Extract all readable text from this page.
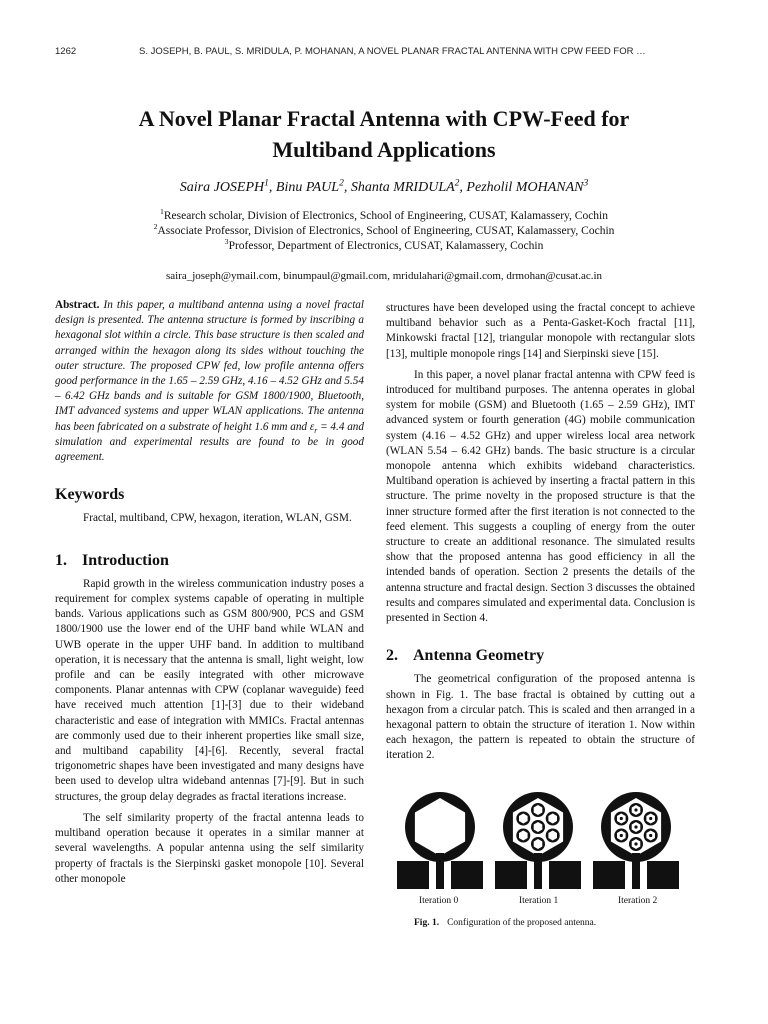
1262	S. JOSEPH, B. PAUL, S. MRIDULA, P. MOHANAN, A NOVEL PLANAR FRACTAL ANTENNA WITH CPW FEED FOR …
A Novel Planar Fractal Antenna with CPW-Feed for
Multiband Applications
Saira JOSEPH$^1$, Binu PAUL$^2$, Shanta MRIDULA$^2$, Pezholil MOHANAN$^3$
$^1$Research scholar, Division of Electronics, School of Engineering, CUSAT, Kalamassery, Cochin
$^2$Associate Professor, Division of Electronics, School of Engineering, CUSAT, Kalamassery, Cochin
$^3$Professor, Department of Electronics, CUSAT, Kalamassery, Cochin
saira_joseph@ymail.com, binumpaul@gmail.com, mridulahari@gmail.com, drmohan@cusat.ac.in

Abstract. In this paper, a multiband antenna using a novel fractal design is presented. The antenna structure is formed by inscribing a hexagonal slot within a circle. This base structure is then scaled and arranged within the hexagon along its sides without touching the outer structure. The proposed CPW fed, low profile antenna offers good performance in the 1.65 – 2.59 GHz, 4.16 – 4.52 GHz and 5.54 – 6.42 GHz bands and is suitable for GSM 1800/1900, Bluetooth, IMT advanced systems and upper WLAN applications. The antenna has been fabricated on a substrate of height 1.6 mm and $\varepsilon_r = 4.4$ and simulation and experimental results are found to be in good agreement.

Keywords

Fractal, multiband, CPW, hexagon, iteration, WLAN, GSM.

1. Introduction

Rapid growth in the wireless communication industry poses a requirement for complex systems capable of operating in multiple bands. Various applications such as GSM 800/900, PCS and GSM 1800/1900 use the lower end of the UHF band while WLAN and UWB operate in the upper UHF band. In addition to multiband operation, it is necessary that the antenna is small, light weight, low profile and can be easily integrated with other microwave components. Planar antennas with CPW (coplanar waveguide) feed have received much attention [1]-[3] due to their wideband characteristic and ease of integration with MMICs. Fractal antennas are commonly used due to their inherent properties like small size, and multiband capability [4]-[6]. Recently, several fractal trigonometric shapes have been investigated and many designs have been used to develop ultra wideband antennas [7]-[9]. But in such structures, the group delay degrades as fractal iterations increase.

The self similarity property of the fractal antenna leads to multiband operation because it operates in a similar manner at several wavelengths. A popular antenna using the self similarity property of fractals is the Sierpinski gasket monopole [10]. Several other monopole

structures have been developed using the fractal concept to achieve multiband behavior such as a Penta-Gasket-Koch fractal [11], Minkowski fractal [12], triangular monopole with rectangular slots [13], multiple monopole rings [14] and Sierpinski sieve [15].

In this paper, a novel planar fractal antenna with CPW feed is introduced for multiband purposes. The antenna operates in global system for mobile (GSM) and Bluetooth (1.65 – 2.59 GHz), IMT advanced system or fourth generation (4G) mobile communication system (4.16 – 4.52 GHz) and upper wireless local area network (WLAN 5.54 – 6.42 GHz) bands. The basic structure is a circular monopole antenna which exhibits wideband characteristics. Multiband operation is achieved by inserting a fractal pattern in this structure. The prime novelty in the proposed structure is that the inner structure formed after the first iteration is not connected to the feed element. This suggests a coupling of energy from the outer structure to create an additional resonance. The simulated results show that the proposed antenna has good efficiency in all the intended bands of operation. Section 2 presents the details of the antenna structure and fractal design. Section 3 discusses the obtained results and compares simulated and experimental data. Conclusion is presented in Section 4.

2. Antenna Geometry

The geometrical configuration of the proposed antenna is shown in Fig. 1. The base fractal is obtained by cutting out a hexagon from a circular patch. This is scaled and then arranged in a hexagonal pattern to obtain the structure of iteration 1. Now within each hexagon, the pattern is repeated to obtain the structure of iteration 2.

Iteration 0	Iteration 1	Iteration 2
Fig. 1. Configuration of the proposed antenna.
